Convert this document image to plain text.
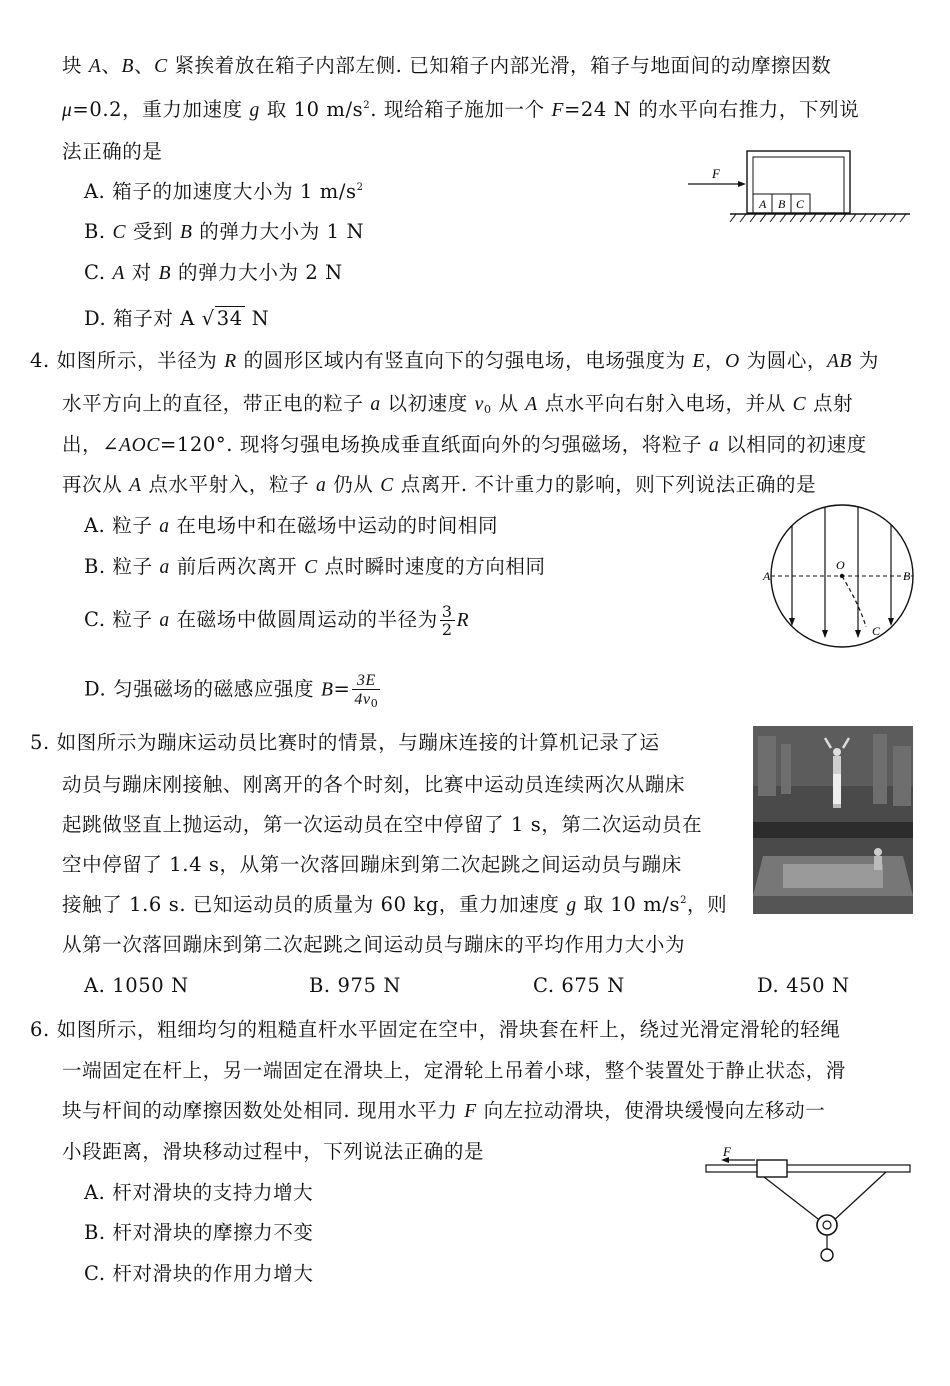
块 A、B、C 紧挨着放在箱子内部左侧. 已知箱子内部光滑，箱子与地面间的动摩擦因数
μ=0.2，重力加速度 g 取 10 $m/s^2$. 现给箱子施加一个 F=24 N 的水平向右推力，下列说
法正确的是
A. 箱子的加速度大小为 1 $m/s^2$
B. C 受到 B 的弹力大小为 1 N
C. A 对 B 的弹力大小为 2 N
D. 箱子对 A √ 34 N
F
A B C
4. 如图所示，半径为 R 的圆形区域内有竖直向下的匀强电场，电场强度为 E，O 为圆心，AB 为
水平方向上的直径，带正电的粒子 a 以初速度 $v_0$ 从 A 点水平向右射入电场，并从 C 点射
出，∠AOC=120°. 现将匀强电场换成垂直纸面向外的匀强磁场，将粒子 a 以相同的初速度
再次从 A 点水平射入，粒子 a 仍从 C 点离开. 不计重力的影响，则下列说法正确的是
A. 粒子 a 在电场中和在磁场中运动的时间相同
B. 粒子 a 前后两次离开 C 点时瞬时速度的方向相同
C. 粒子 a 在磁场中做圆周运动的半径为 $\frac{3}{2}$ R
D. 匀强磁场的磁感应强度 $B= \frac{3E}{4v_0}$
O
A	B
C
5. 如图所示为蹦床运动员比赛时的情景，与蹦床连接的计算机记录了运
动员与蹦床刚接触、刚离开的各个时刻，比赛中运动员连续两次从蹦床
起跳做竖直上抛运动，第一次运动员在空中停留了 1 s，第二次运动员在
空中停留了 1.4 s，从第一次落回蹦床到第二次起跳之间运动员与蹦床
接触了 1.6 s. 已知运动员的质量为 60 kg，重力加速度 g 取 10 $m/s^2$，则
从第一次落回蹦床到第二次起跳之间运动员与蹦床的平均作用力大小为
A. 1050 N	B. 975 N	C. 675 N	D. 450 N
6. 如图所示，粗细均匀的粗糙直杆水平固定在空中，滑块套在杆上，绕过光滑定滑轮的轻绳
一端固定在杆上，另一端固定在滑块上，定滑轮上吊着小球，整个装置处于静止状态，滑
块与杆间的动摩擦因数处处相同. 现用水平力 F 向左拉动滑块，使滑块缓慢向左移动一
小段距离，滑块移动过程中，下列说法正确的是
A. 杆对滑块的支持力增大
B. 杆对滑块的摩擦力不变
C. 杆对滑块的作用力增大
F
